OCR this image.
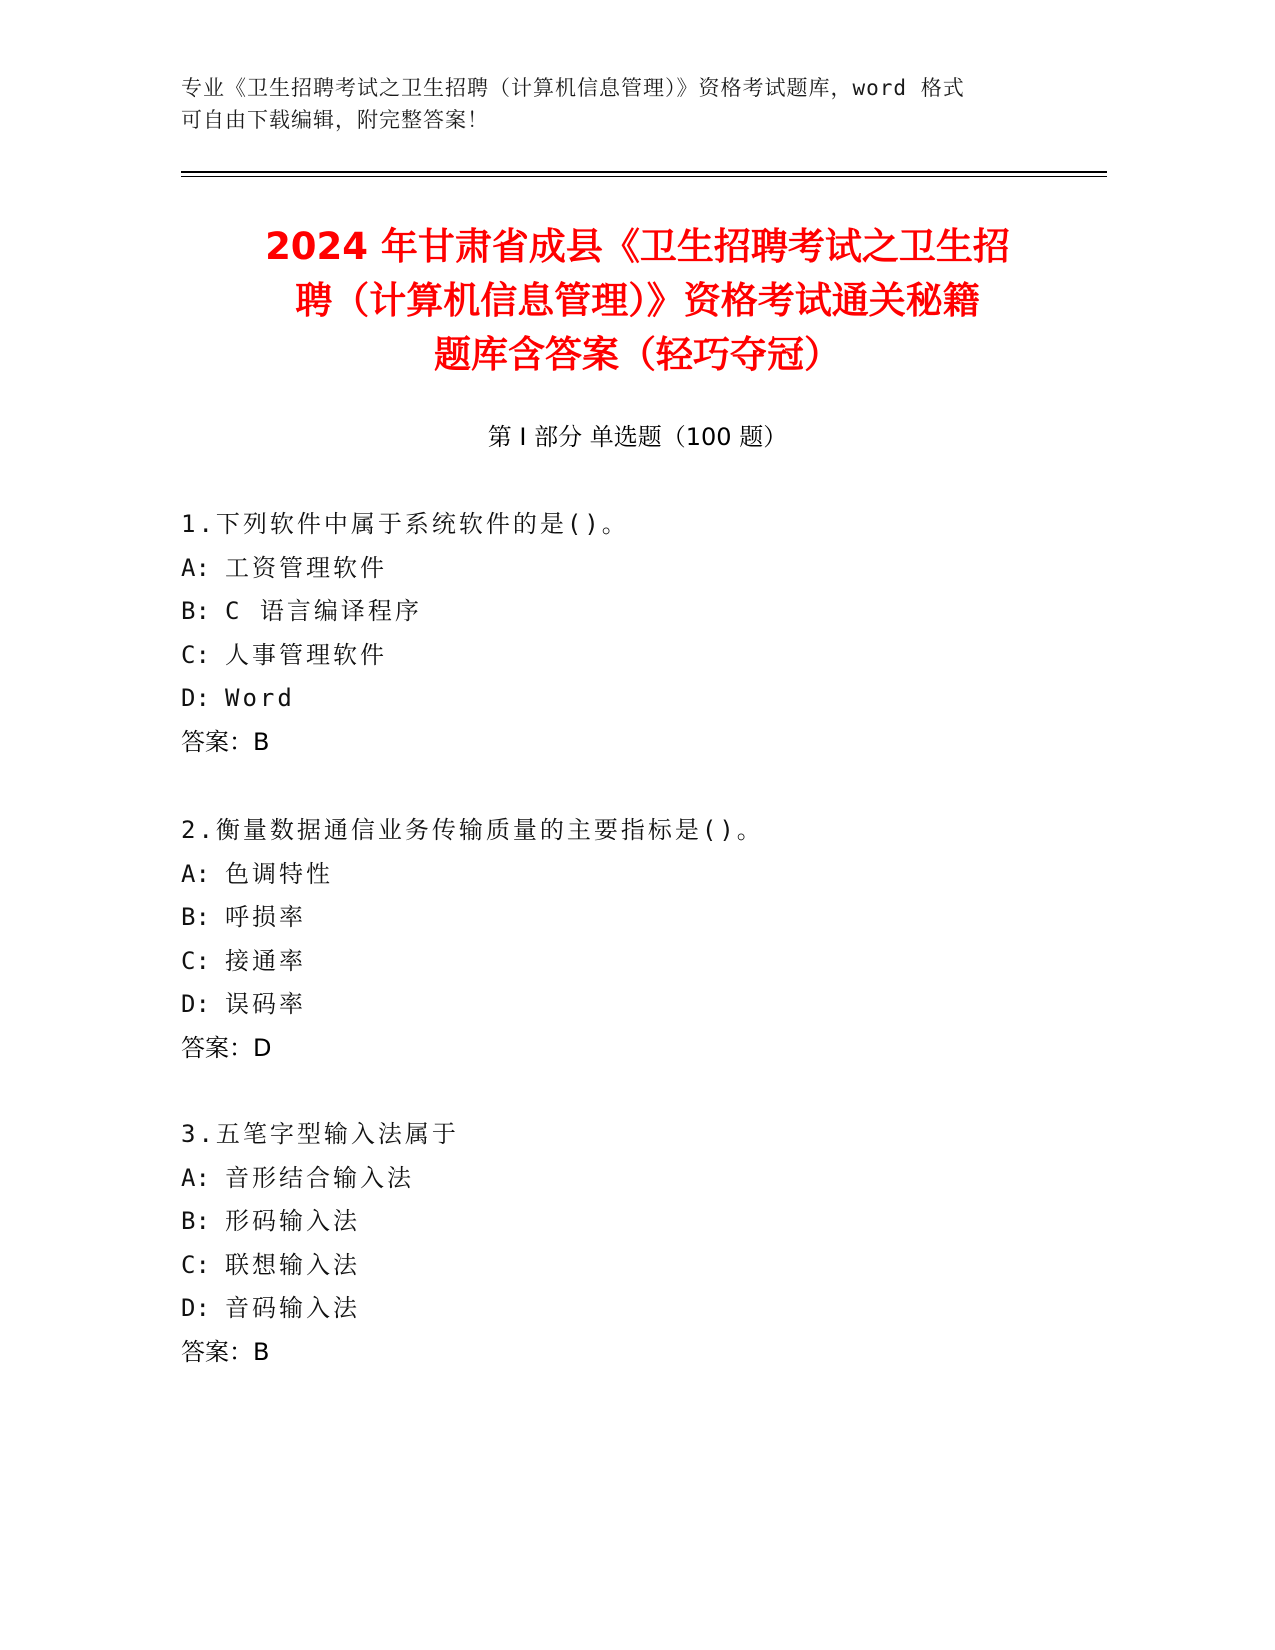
专业《卫生招聘考试之卫生招聘（计算机信息管理）》资格考试题库，word 格式
可自由下载编辑，附完整答案！
2024 年甘肃省成县《卫生招聘考试之卫生招
聘（计算机信息管理）》资格考试通关秘籍
题库含答案（轻巧夺冠）
第 I 部分 单选题（100 题）
1.下列软件中属于系统软件的是()。
A: 工资管理软件
B: C 语言编译程序
C: 人事管理软件
D: Word
答案：B
2.衡量数据通信业务传输质量的主要指标是()。
A: 色调特性
B: 呼损率
C: 接通率
D: 误码率
答案：D
3.五笔字型输入法属于
A: 音形结合输入法
B: 形码输入法
C: 联想输入法
D: 音码输入法
答案：B
